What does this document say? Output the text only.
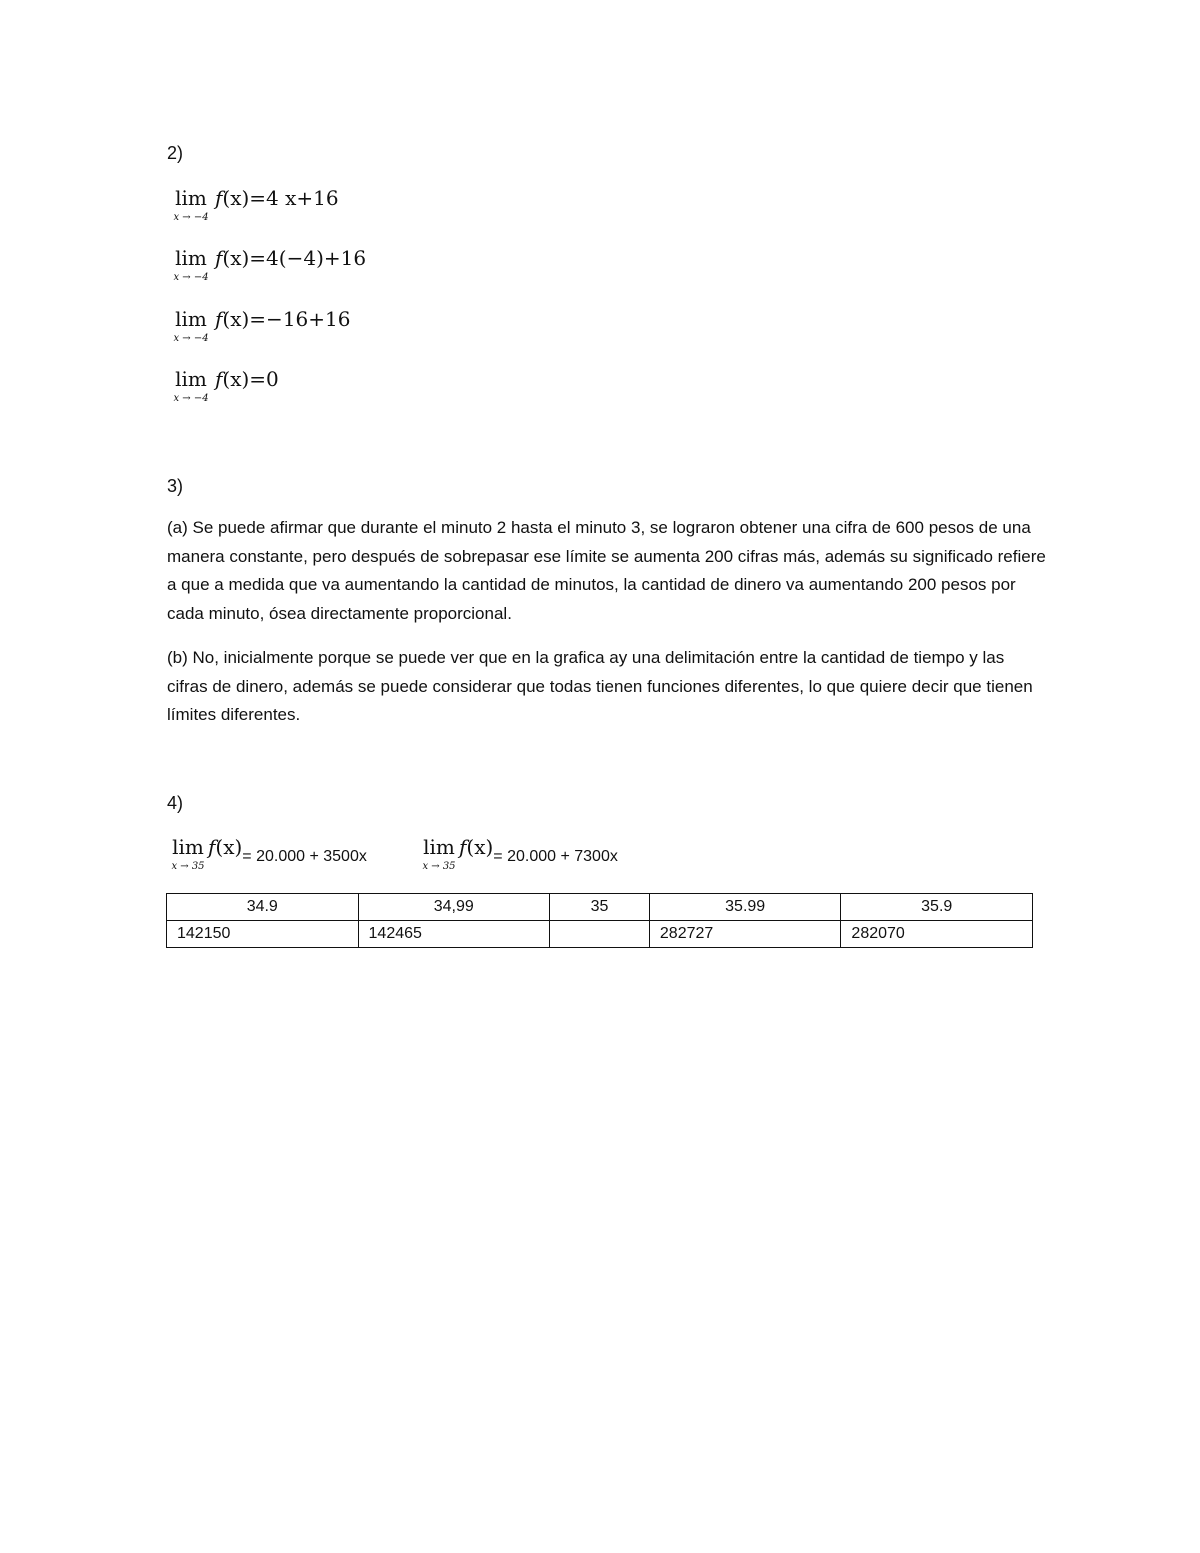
2)
lim
x → −4
f(x)=4 x+16
lim
x → −4
f(x)=4(−4)+16
lim
x → −4
f(x)=−16+16
lim
x → −4
f(x)=0
3)

(a) Se puede afirmar que durante el minuto 2 hasta el minuto 3, se lograron obtener una cifra de 600 pesos de una manera constante, pero después de sobrepasar ese límite se aumenta 200 cifras más, además su significado refiere a que a medida que va aumentando la cantidad de minutos, la cantidad de dinero va aumentando 200 pesos por cada minuto, ósea directamente proporcional.

(b) No, inicialmente porque se puede ver que en la grafica ay una delimitación entre la cantidad de tiempo y las cifras de dinero, además se puede considerar que todas tienen funciones diferentes, lo que quiere decir que tienen límites diferentes.

4)
lim
x → 35
f(x)= 20.000 + 3500x	lim
x → 35
f(x)= 20.000 + 7300x
34.9	34,99	35	35.99	35.9
142150	142465		282727	282070
